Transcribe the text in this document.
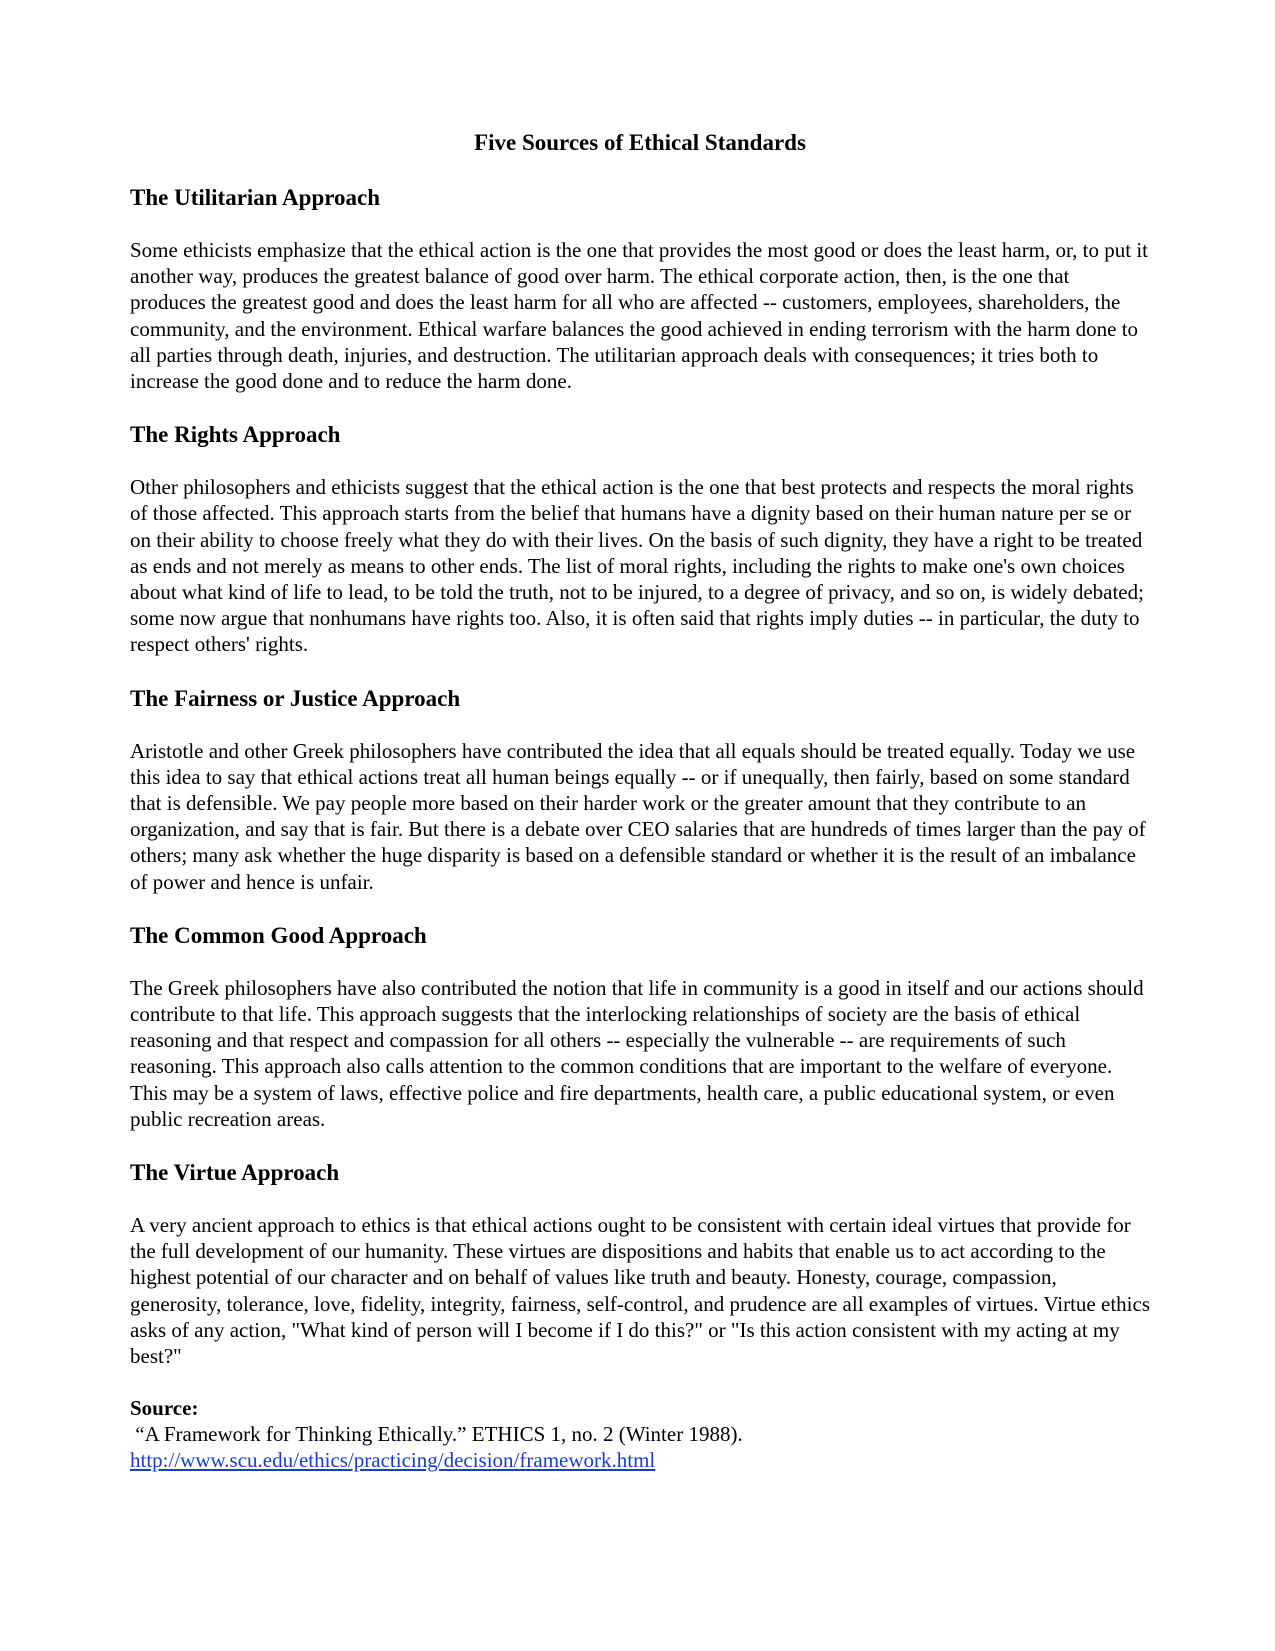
Five Sources of Ethical Standards
The Utilitarian Approach
Some ethicists emphasize that the ethical action is the one that provides the most good or does the least harm, or, to put it another way, produces the greatest balance of good over harm. The ethical corporate action, then, is the one that produces the greatest good and does the least harm for all who are affected -- customers, employees, shareholders, the community, and the environment. Ethical warfare balances the good achieved in ending terrorism with the harm done to all parties through death, injuries, and destruction. The utilitarian approach deals with consequences; it tries both to increase the good done and to reduce the harm done.
The Rights Approach
Other philosophers and ethicists suggest that the ethical action is the one that best protects and respects the moral rights of those affected. This approach starts from the belief that humans have a dignity based on their human nature per se or on their ability to choose freely what they do with their lives. On the basis of such dignity, they have a right to be treated as ends and not merely as means to other ends. The list of moral rights, including the rights to make one's own choices about what kind of life to lead, to be told the truth, not to be injured, to a degree of privacy, and so on, is widely debated; some now argue that nonhumans have rights too. Also, it is often said that rights imply duties -- in particular, the duty to respect others' rights.
The Fairness or Justice Approach
Aristotle and other Greek philosophers have contributed the idea that all equals should be treated equally. Today we use this idea to say that ethical actions treat all human beings equally -- or if unequally, then fairly, based on some standard that is defensible. We pay people more based on their harder work or the greater amount that they contribute to an organization, and say that is fair. But there is a debate over CEO salaries that are hundreds of times larger than the pay of others; many ask whether the huge disparity is based on a defensible standard or whether it is the result of an imbalance of power and hence is unfair.
The Common Good Approach
The Greek philosophers have also contributed the notion that life in community is a good in itself and our actions should contribute to that life. This approach suggests that the interlocking relationships of society are the basis of ethical reasoning and that respect and compassion for all others -- especially the vulnerable -- are requirements of such reasoning. This approach also calls attention to the common conditions that are important to the welfare of everyone. This may be a system of laws, effective police and fire departments, health care, a public educational system, or even public recreation areas.
The Virtue Approach
A very ancient approach to ethics is that ethical actions ought to be consistent with certain ideal virtues that provide for the full development of our humanity. These virtues are dispositions and habits that enable us to act according to the highest potential of our character and on behalf of values like truth and beauty. Honesty, courage, compassion, generosity, tolerance, love, fidelity, integrity, fairness, self-control, and prudence are all examples of virtues. Virtue ethics asks of any action, "What kind of person will I become if I do this?" or "Is this action consistent with my acting at my best?"
Source:
“A Framework for Thinking Ethically.” ETHICS 1, no. 2 (Winter 1988).
http://www.scu.edu/ethics/practicing/decision/framework.html
